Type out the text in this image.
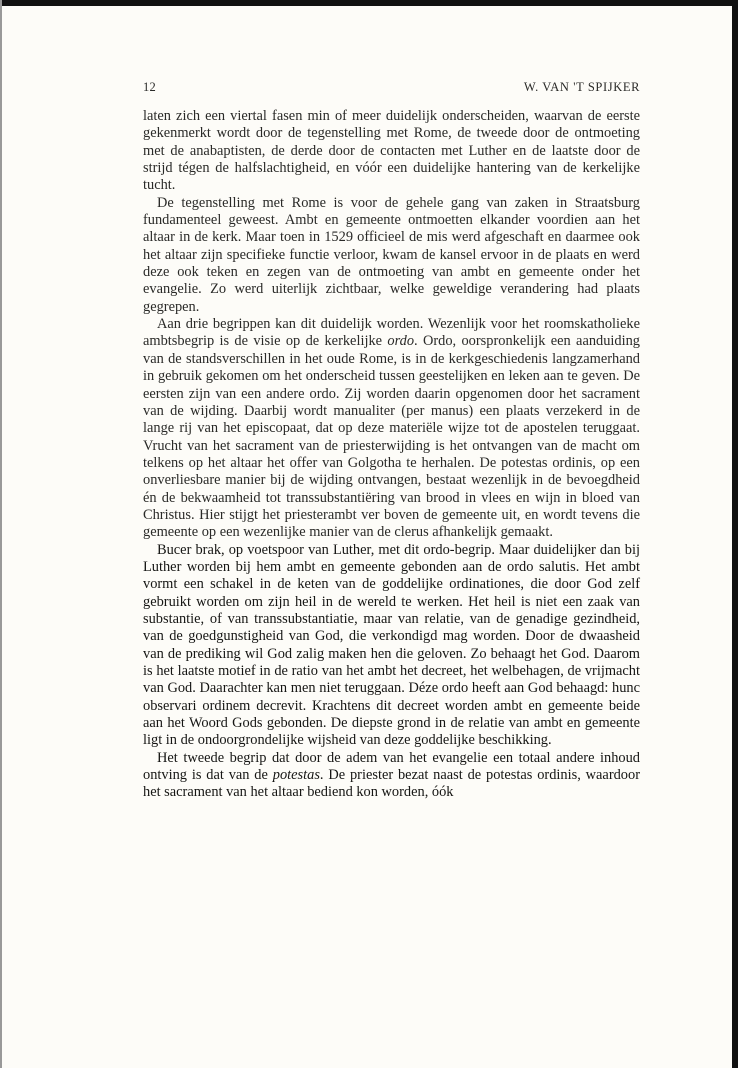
12	W. VAN 'T SPIJKER

laten zich een viertal fasen min of meer duidelijk onderscheiden, waarvan de eerste gekenmerkt wordt door de tegenstelling met Rome, de tweede door de ontmoeting met de anabaptisten, de derde door de contacten met Luther en de laatste door de strijd tégen de halfslachtigheid, en vóór een duidelijke hantering van de kerkelijke tucht.

De tegenstelling met Rome is voor de gehele gang van zaken in Straatsburg fundamenteel geweest. Ambt en gemeente ontmoetten elkander voordien aan het altaar in de kerk. Maar toen in 1529 officieel de mis werd afgeschaft en daarmee ook het altaar zijn specifieke functie verloor, kwam de kansel ervoor in de plaats en werd deze ook teken en zegen van de ontmoeting van ambt en gemeente onder het evangelie. Zo werd uiterlijk zichtbaar, welke geweldige verandering had plaats gegrepen.

Aan drie begrippen kan dit duidelijk worden. Wezenlijk voor het roomskatholieke ambtsbegrip is de visie op de kerkelijke ordo. Ordo, oorspronkelijk een aanduiding van de standsverschillen in het oude Rome, is in de kerkgeschiedenis langzamerhand in gebruik gekomen om het onderscheid tussen geestelijken en leken aan te geven. De eersten zijn van een andere ordo. Zij worden daarin opgenomen door het sacrament van de wijding. Daarbij wordt manualiter (per manus) een plaats verzekerd in de lange rij van het episcopaat, dat op deze materiële wijze tot de apostelen teruggaat. Vrucht van het sacrament van de priesterwijding is het ontvangen van de macht om telkens op het altaar het offer van Golgotha te herhalen. De potestas ordinis, op een onverliesbare manier bij de wijding ontvangen, bestaat wezenlijk in de bevoegdheid én de bekwaamheid tot transsubstantiëring van brood in vlees en wijn in bloed van Christus. Hier stijgt het priesterambt ver boven de gemeente uit, en wordt tevens die gemeente op een wezenlijke manier van de clerus afhankelijk gemaakt.

Bucer brak, op voetspoor van Luther, met dit ordo-begrip. Maar duidelijker dan bij Luther worden bij hem ambt en gemeente gebonden aan de ordo salutis. Het ambt vormt een schakel in de keten van de goddelijke ordinationes, die door God zelf gebruikt worden om zijn heil in de wereld te werken. Het heil is niet een zaak van substantie, of van transsubstantiatie, maar van relatie, van de genadige gezindheid, van de goedgunstigheid van God, die verkondigd mag worden. Door de dwaasheid van de prediking wil God zalig maken hen die geloven. Zo behaagt het God. Daarom is het laatste motief in de ratio van het ambt het decreet, het welbehagen, de vrijmacht van God. Daarachter kan men niet teruggaan. Déze ordo heeft aan God behaagd: hunc observari ordinem decrevit. Krachtens dit decreet worden ambt en gemeente beide aan het Woord Gods gebonden. De diepste grond in de relatie van ambt en gemeente ligt in de ondoorgrondelijke wijsheid van deze goddelijke beschikking.

Het tweede begrip dat door de adem van het evangelie een totaal andere inhoud ontving is dat van de potestas. De priester bezat naast de potestas ordinis, waardoor het sacrament van het altaar bediend kon worden, óók
